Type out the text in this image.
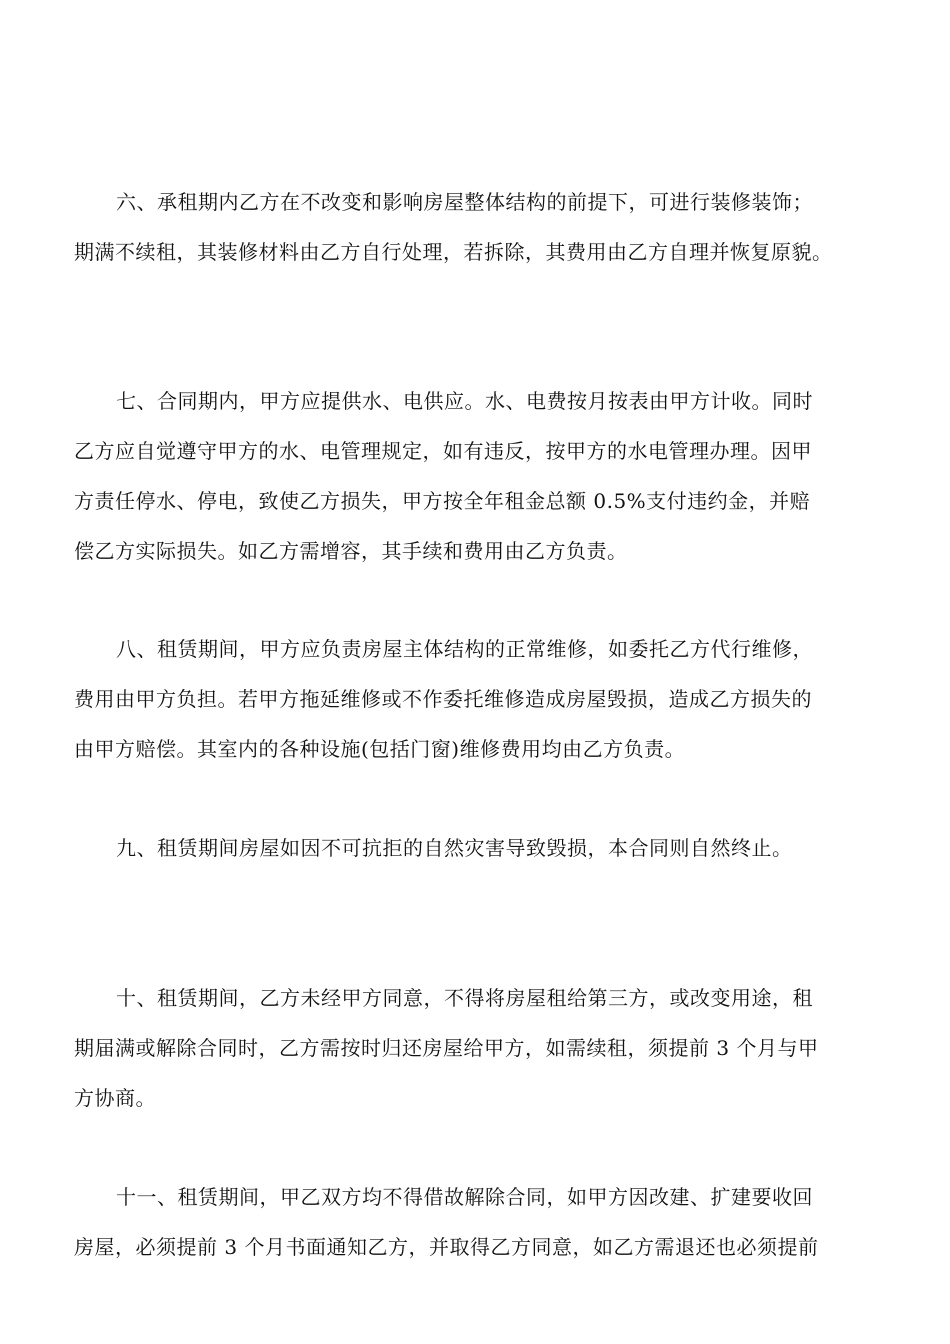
六、承租期内乙方在不改变和影响房屋整体结构的前提下，可进行装修装饰；
期满不续租，其装修材料由乙方自行处理，若拆除，其费用由乙方自理并恢复原貌。

七、合同期内，甲方应提供水、电供应。水、电费按月按表由甲方计收。同时
乙方应自觉遵守甲方的水、电管理规定，如有违反，按甲方的水电管理办理。因甲
方责任停水、停电，致使乙方损失，甲方按全年租金总额 0.5%支付违约金，并赔
偿乙方实际损失。如乙方需增容，其手续和费用由乙方负责。

八、租赁期间，甲方应负责房屋主体结构的正常维修，如委托乙方代行维修，
费用由甲方负担。若甲方拖延维修或不作委托维修造成房屋毁损，造成乙方损失的
由甲方赔偿。其室内的各种设施(包括门窗)维修费用均由乙方负责。

九、租赁期间房屋如因不可抗拒的自然灾害导致毁损，本合同则自然终止。

十、租赁期间，乙方未经甲方同意，不得将房屋租给第三方，或改变用途，租
期届满或解除合同时，乙方需按时归还房屋给甲方，如需续租，须提前 3 个月与甲
方协商。

十一、租赁期间，甲乙双方均不得借故解除合同，如甲方因改建、扩建要收回
房屋，必须提前 3 个月书面通知乙方，并取得乙方同意，如乙方需退还也必须提前
